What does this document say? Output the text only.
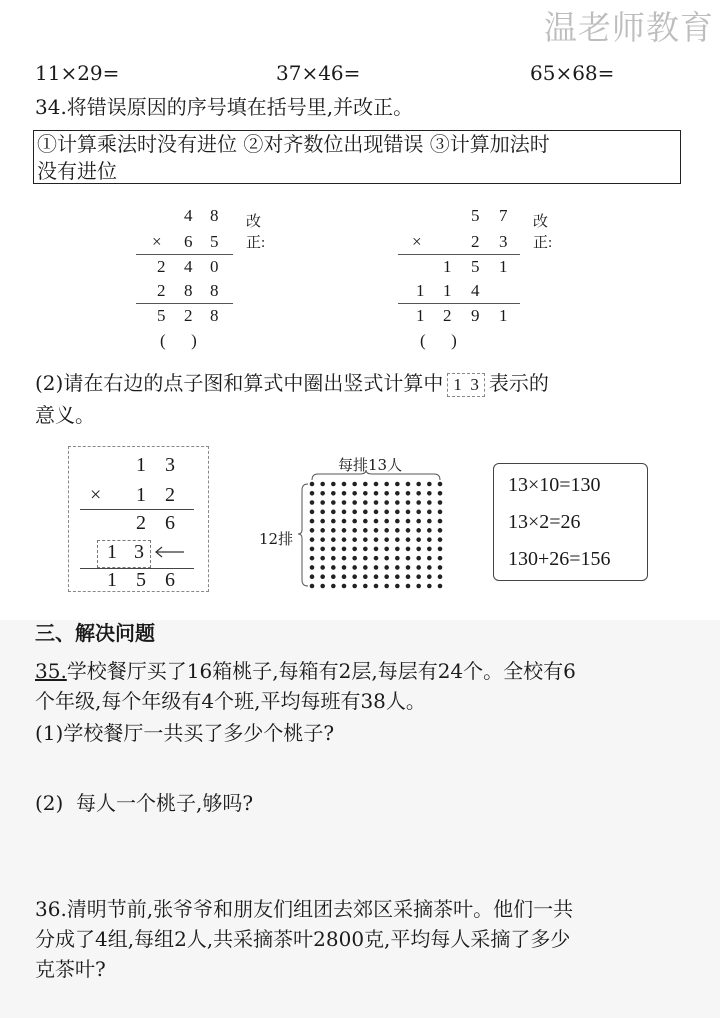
温老师教育
11×29=	37×46=	65×68=
34.将错误原因的序号填在括号里,并改正。
①计算乘法时没有进位 ②对齐数位出现错误 ③计算加法时
没有进位
4 8
× 6 5
2 4 0
2 8 8
5 2 8
(      )
改正:
5 7
×	2 3
1 5 1
1 1 4
1 2 9 1
(      )
改正:
(2)请在右边的点子图和算式中圈出竖式计算中 1  3 表示的
意义。
1 3
× 1 2
2 6
1 3
1 5 6
每排13人
12排
13×10=130
13×2=26
130+26=156
三、解决问题
35.学校餐厅买了16箱桃子,每箱有2层,每层有24个。全校有6
个年级,每个年级有4个班,平均每班有38人。
(1)学校餐厅一共买了多少个桃子?
(2)  每人一个桃子,够吗?
36.清明节前,张爷爷和朋友们组团去郊区采摘茶叶。他们一共
分成了4组,每组2人,共采摘茶叶2800克,平均每人采摘了多少
克茶叶?
